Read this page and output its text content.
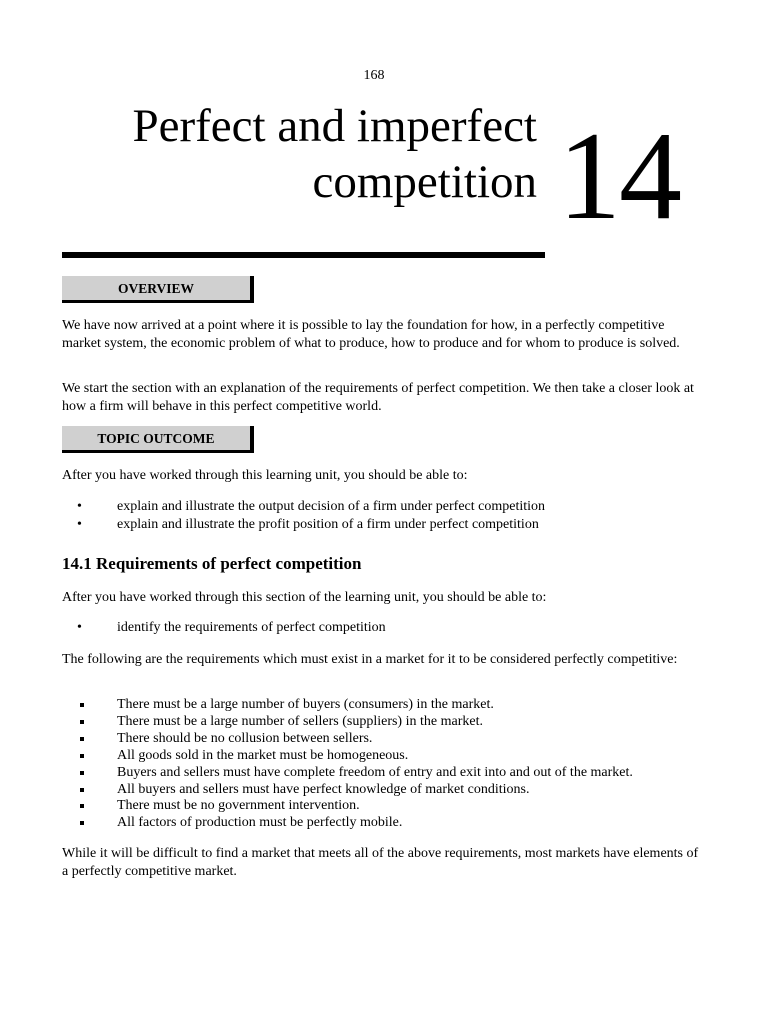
168
Perfect and imperfect
competition 14
OVERVIEW

We have now arrived at a point where it is possible to lay the foundation for how, in a perfectly competitive market system, the economic problem of what to produce, how to produce and for whom to produce is solved.

We start the section with an explanation of the requirements of perfect competition. We then take a closer look at how a firm will behave in this perfect competitive world.

TOPIC OUTCOME

After you have worked through this learning unit, you should be able to:

•	explain and illustrate the output decision of a firm under perfect competition
•	explain and illustrate the profit position of a firm under perfect competition
14.1 Requirements of perfect competition

After you have worked through this section of the learning unit, you should be able to:

•	identify the requirements of perfect competition

The following are the requirements which must exist in a market for it to be considered perfectly competitive:

There must be a large number of buyers (consumers) in the market.
There must be a large number of sellers (suppliers) in the market.
There should be no collusion between sellers.
All goods sold in the market must be homogeneous.
Buyers and sellers must have complete freedom of entry and exit into and out of the market.
All buyers and sellers must have perfect knowledge of market conditions.
There must be no government intervention.
All factors of production must be perfectly mobile.

While it will be difficult to find a market that meets all of the above requirements, most markets have elements of a perfectly competitive market.
